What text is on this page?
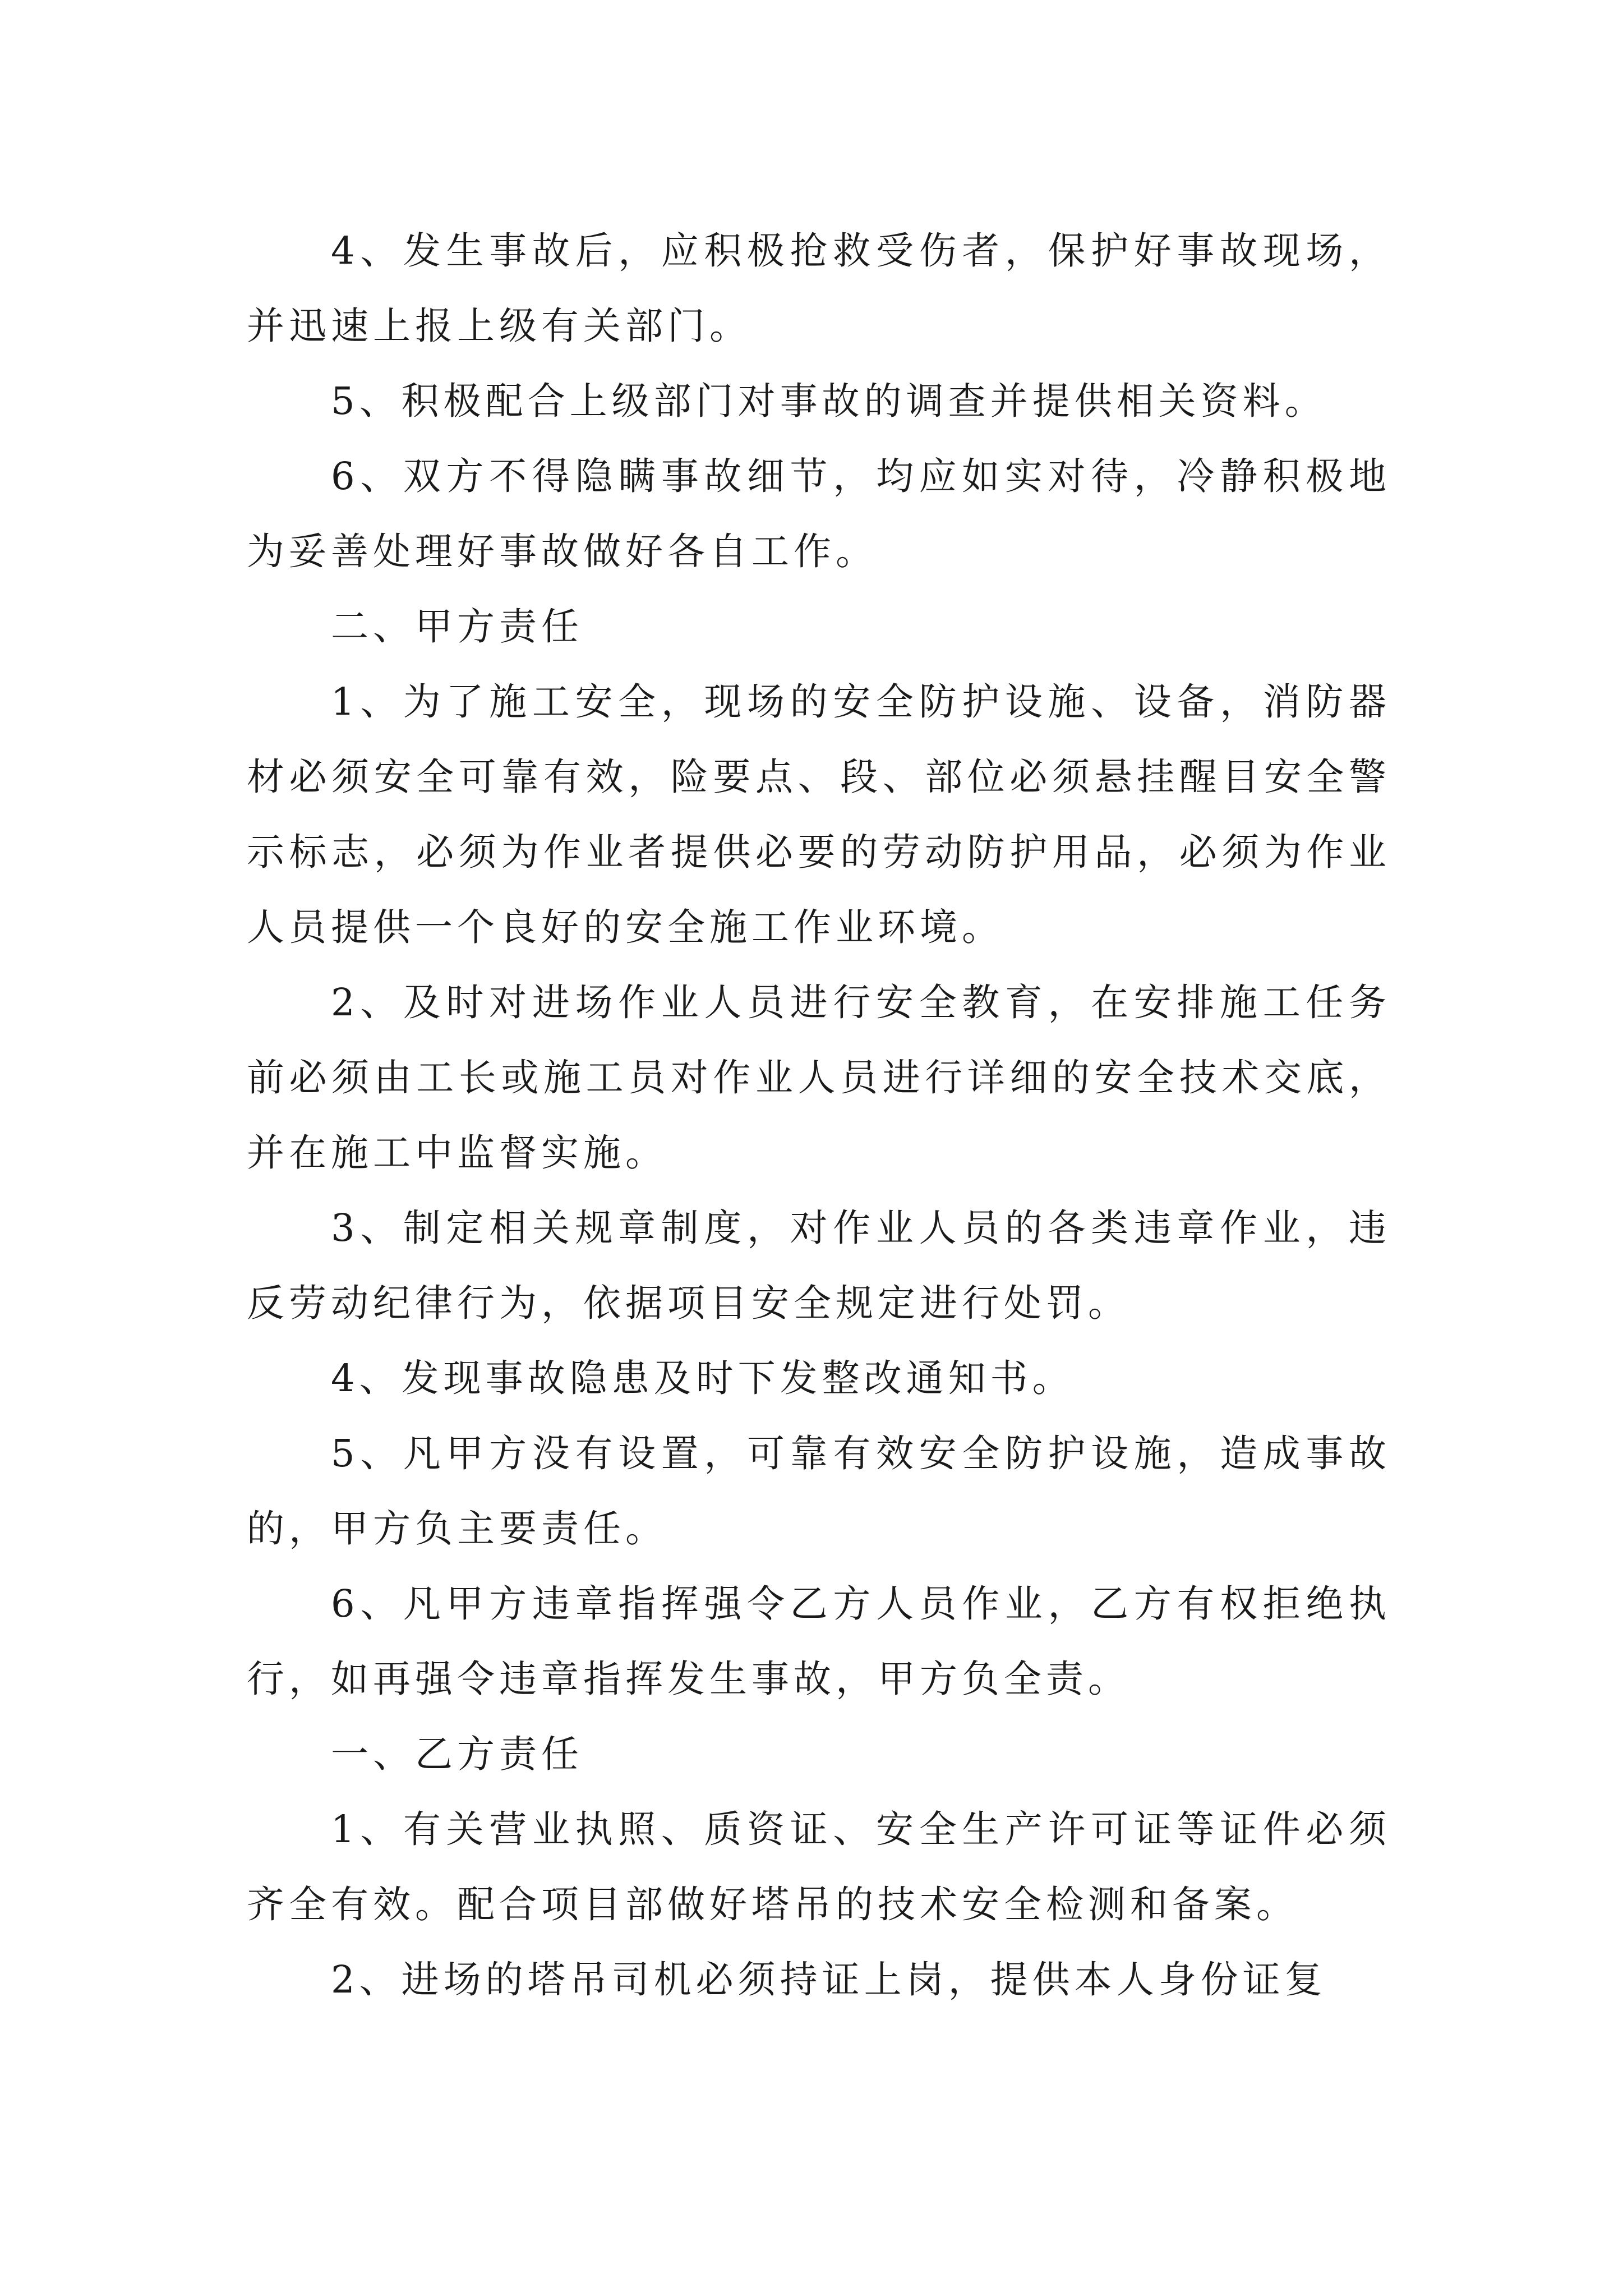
4、发生事故后，应积极抢救受伤者，保护好事故现场，并迅速上报上级有关部门。

5、积极配合上级部门对事故的调查并提供相关资料。

6、双方不得隐瞒事故细节，均应如实对待，冷静积极地为妥善处理好事故做好各自工作。

二、甲方责任

1、为了施工安全，现场的安全防护设施、设备，消防器材必须安全可靠有效，险要点、段、部位必须悬挂醒目安全警示标志，必须为作业者提供必要的劳动防护用品，必须为作业人员提供一个良好的安全施工作业环境。

2、及时对进场作业人员进行安全教育，在安排施工任务前必须由工长或施工员对作业人员进行详细的安全技术交底，并在施工中监督实施。

3、制定相关规章制度，对作业人员的各类违章作业，违反劳动纪律行为，依据项目安全规定进行处罚。

4、发现事故隐患及时下发整改通知书。

5、凡甲方没有设置，可靠有效安全防护设施，造成事故的，甲方负主要责任。

6、凡甲方违章指挥强令乙方人员作业，乙方有权拒绝执行，如再强令违章指挥发生事故，甲方负全责。

一、乙方责任

1、有关营业执照、质资证、安全生产许可证等证件必须齐全有效。配合项目部做好塔吊的技术安全检测和备案。

2、进场的塔吊司机必须持证上岗，提供本人身份证复
